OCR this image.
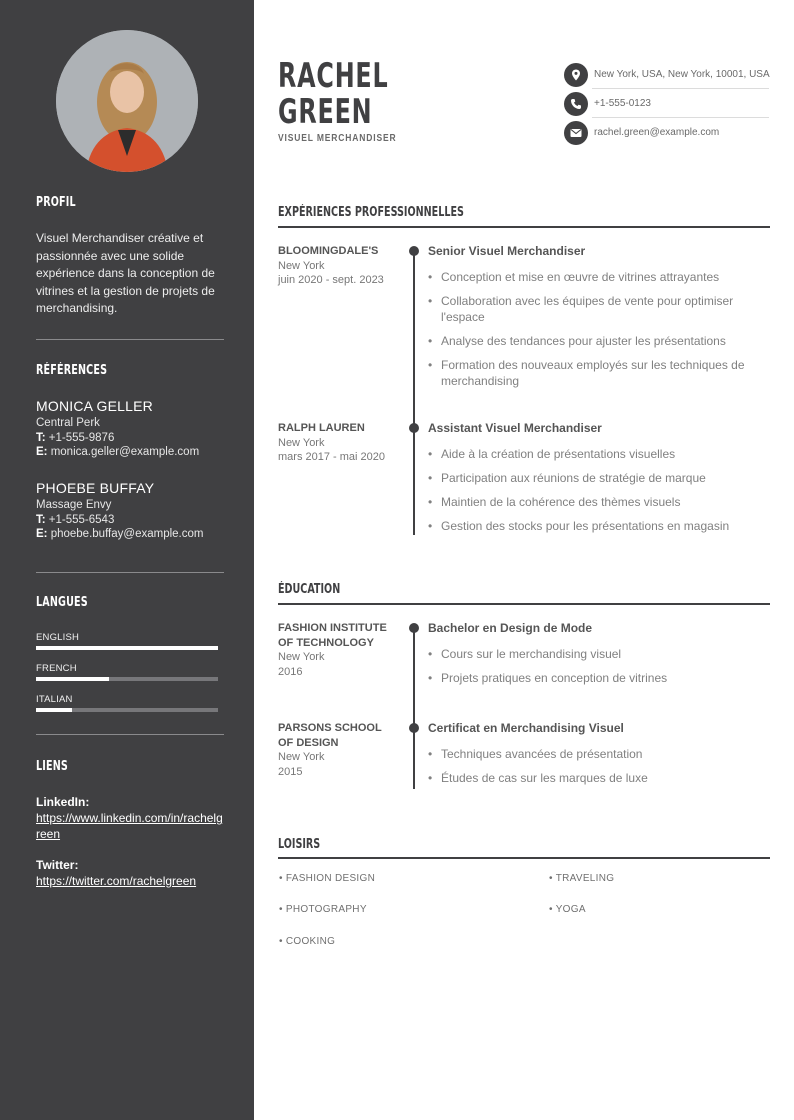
PROFIL
Visuel Merchandiser créative et passionnée avec une solide expérience dans la conception de vitrines et la gestion de projets de merchandising.
RÉFÉRENCES
MONICA GELLER
Central Perk
T: +1-555-9876
E: monica.geller@example.com
PHOEBE BUFFAY
Massage Envy
T: +1-555-6543
E: phoebe.buffay@example.com
LANGUES
ENGLISH
FRENCH
ITALIAN
LIENS
LinkedIn:
https://www.linkedin.com/in/rachelgreen
Twitter:
https://twitter.com/rachelgreen
RACHEL
GREEN
VISUEL MERCHANDISER
New York, USA, New York, 10001, USA
+1-555-0123
rachel.green@example.com
EXPÉRIENCES PROFESSIONNELLES
BLOOMINGDALE'S
New York
juin 2020 - sept. 2023
Senior Visuel Merchandiser
• Conception et mise en œuvre de vitrines attrayantes
• Collaboration avec les équipes de vente pour optimiser l'espace
• Analyse des tendances pour ajuster les présentations
• Formation des nouveaux employés sur les techniques de merchandising
RALPH LAUREN
New York
mars 2017 - mai 2020
Assistant Visuel Merchandiser
• Aide à la création de présentations visuelles
• Participation aux réunions de stratégie de marque
• Maintien de la cohérence des thèmes visuels
• Gestion des stocks pour les présentations en magasin
ÉDUCATION
FASHION INSTITUTE
OF TECHNOLOGY
New York
2016
Bachelor en Design de Mode
• Cours sur le merchandising visuel
• Projets pratiques en conception de vitrines
PARSONS SCHOOL
OF DESIGN
New York
2015
Certificat en Merchandising Visuel
• Techniques avancées de présentation
• Études de cas sur les marques de luxe
LOISIRS
• FASHION DESIGN	• TRAVELING
• PHOTOGRAPHY	• YOGA
• COOKING
